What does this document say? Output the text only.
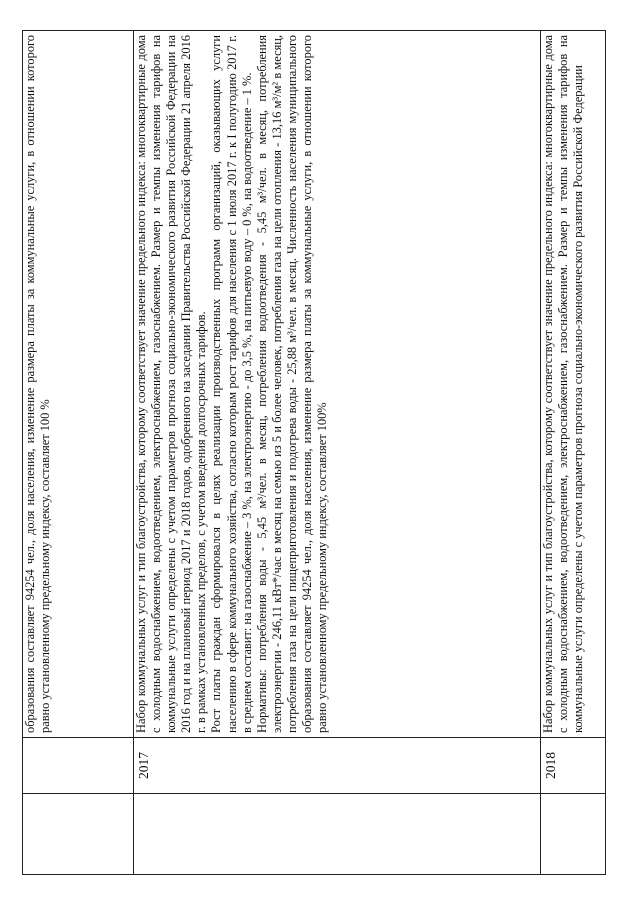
		образования составляет 94254 чел., доля населения, изменение размера платы за коммунальные услуги, в отношении которого равно установленному предельному индексу, составляет 100 %

	2017	Набор коммунальных услуг и тип благоустройства, которому соответствует значение предельного индекса: многоквартирные дома с холодным водоснабжением, водоотведением, электроснабжением, газоснабжением. Размер и темпы изменения тарифов на коммунальные услуги определены с учетом параметров прогноза социально-экономического развития Российской Федерации на 2016 год и на плановый период 2017 и 2018 годов, одобренного на заседании Правительства Российской Федерации 21 апреля 2016 г. в рамках установленных пределов, с учетом введения долгосрочных тарифов. Рост платы граждан сформировался в целях реализации производственных программ организаций, оказывающих услуги населению в сфере коммунального хозяйства, согласно которым рост тарифов для населения с 1 июля 2017 г. к I полугодию 2017 г. в среднем составит: на газоснабжение – 3 %, на электроэнергию - до 3,5 %, на питьевую воду – 0 %, на водоотведение – 1 %. Нормативы: потребления воды - 5,45 м³/чел. в месяц, потребления водоотведения - 5,45 м³/чел. в месяц, потребления электроэнергии - 246,11 кВт*/час в месяц на семью из 5 и более человек, потребления газа на цели отопления - 13,16 м³/м² в месяц, потребления газа на цели пищеприготовления и подогрева воды - 25,88 м³/чел. в месяц. Численность населения муниципального образования составляет 94254 чел., доля населения, изменение размера платы за коммунальные услуги, в отношении которого равно установленному предельному индексу, составляет 100%

	2018	Набор коммунальных услуг и тип благоустройства, которому соответствует значение предельного индекса: многоквартирные дома с холодным водоснабжением, водоотведением, электроснабжением, газоснабжением. Размер и темпы изменения тарифов на коммунальные услуги определены с учетом параметров прогноза социально-экономического развития Российской Федерации
